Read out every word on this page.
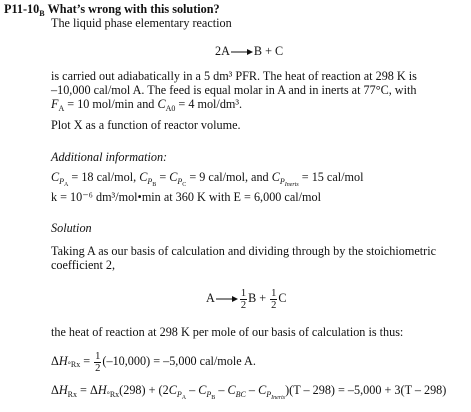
$P11-10_B$ What’s wrong with this solution?
The liquid phase elementary reaction
2A→B + C
is carried out adiabatically in a 5 dm³ PFR. The heat of reaction at 298 K is
–10,000 cal/mol A. The feed is equal molar in A and in inerts at 77°C, with
$F_A = 10$ mol/min and $C_{A0} = 4$ mol/dm³.
Plot X as a function of reactor volume.
Additional information:
$C_{P_A} = 18$ cal/mol, $C_{P_B} = C_{P_C} = 9$ cal/mol, and $C_{P_{Inerts}} = 15$ cal/mol
k = 10⁻⁶ dm³/mol•min at 360 K with E = 6,000 cal/mol
Solution
Taking A as our basis of calculation and dividing through by the stoichiometric
coefficient 2,
A $\frac{1}{2}$ $B + \frac{1}{2}$ C
the heat of reaction at 298 K per mole of our basis of calculation is thus:
$\Delta H_{^\circ Rx} = \frac{1}{2} (-10,000) = -5,000$ cal/mole A.
$\Delta H_{Rx} = \Delta H_{^\circ Rx}(298) + (2C_{P_A} - C_{P_B} - C_{BC} - C_{P_{Inerts}})(T - 298) = -5,000 + 3(T - 298)$
